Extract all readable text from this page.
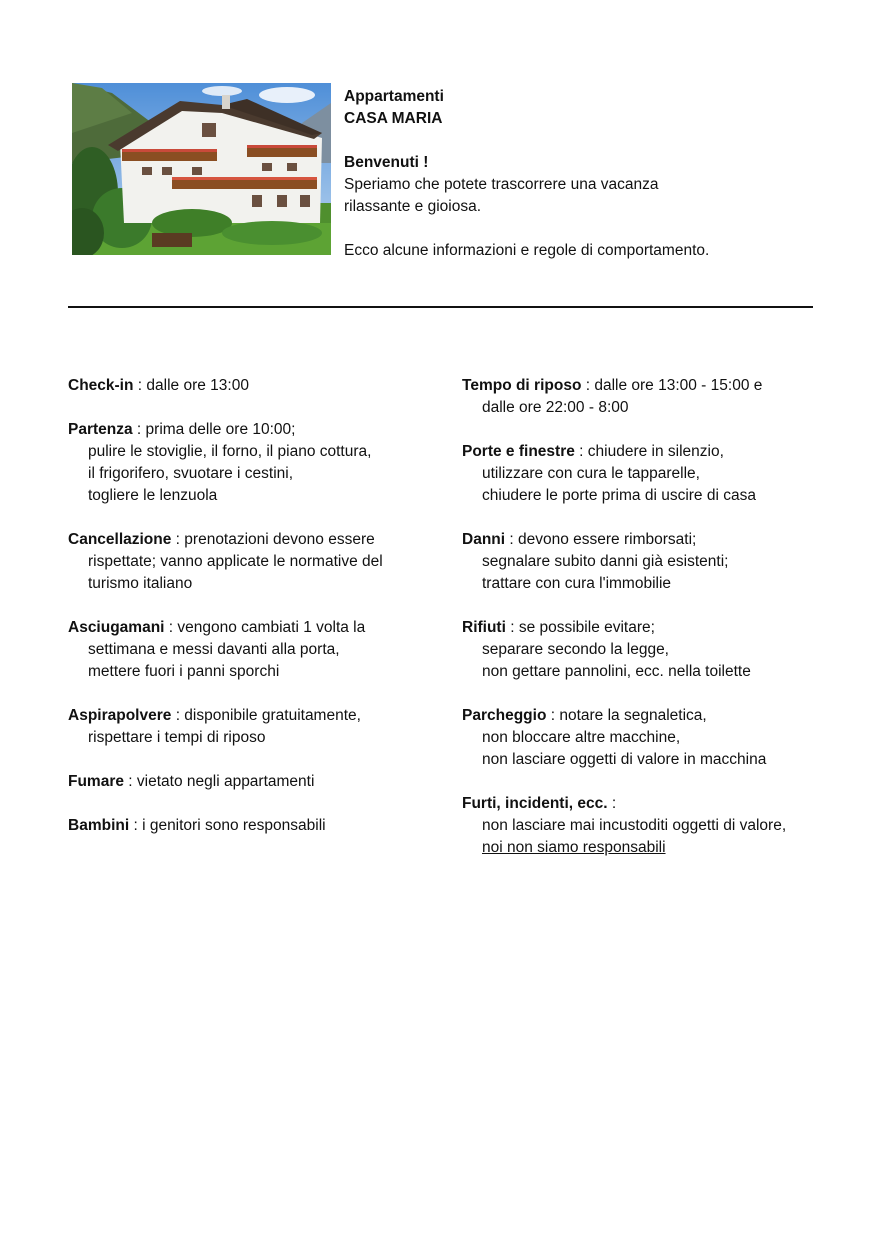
Appartamenti

CASA MARIA

Benvenuti !

Speriamo che potete trascorrere una vacanza

rilassante e gioiosa.

Ecco alcune informazioni e regole di comportamento.

Check-in : dalle ore 13:00
Partenza : prima delle ore 10:00;
pulire le stoviglie, il forno, il piano cottura,
il frigorifero, svuotare i cestini,
togliere le lenzuola
Cancellazione : prenotazioni devono essere
rispettate; vanno applicate le normative del
turismo italiano
Asciugamani : vengono cambiati 1 volta la
settimana e messi davanti alla porta,
mettere fuori i panni sporchi
Aspirapolvere : disponibile gratuitamente,
rispettare i tempi di riposo
Fumare : vietato negli appartamenti
Bambini : i genitori sono responsabili
Tempo di riposo : dalle ore 13:00 - 15:00 e
dalle ore 22:00 - 8:00
Porte e finestre : chiudere in silenzio,
utilizzare con cura le tapparelle,
chiudere le porte prima di uscire di casa
Danni : devono essere rimborsati;
segnalare subito danni già esistenti;
trattare con cura l'immobilie
Rifiuti : se possibile evitare;
separare secondo la legge,
non gettare pannolini, ecc. nella toilette
Parcheggio : notare la segnaletica,
non bloccare altre macchine,
non lasciare oggetti di valore in macchina
Furti, incidenti, ecc. :
non lasciare mai incustoditi oggetti di valore,
noi non siamo responsabili
